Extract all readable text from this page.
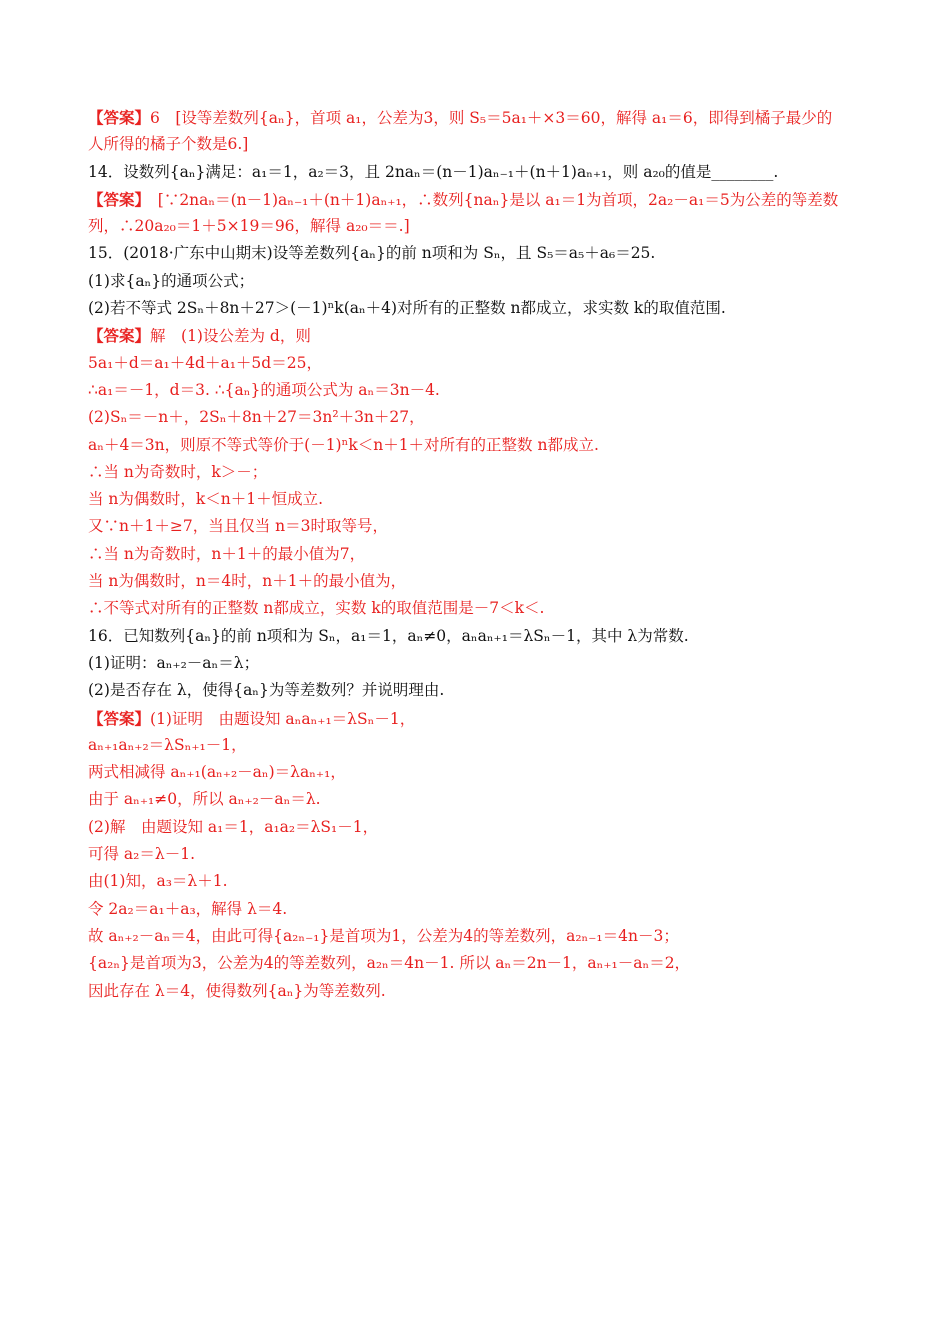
【答案】6　[设等差数列{aₙ}，首项 a₁，公差为3，则 S₅＝5a₁＋×3＝60，解得 a₁＝6，即得到橘子最少的
人所得的橘子个数是6.]
14．设数列{aₙ}满足：a₁＝1，a₂＝3，且 2naₙ＝(n－1)aₙ₋₁＋(n＋1)aₙ₊₁，则 a₂₀的值是________.
【答案】　[∵2naₙ＝(n－1)aₙ₋₁＋(n＋1)aₙ₊₁，∴数列{naₙ}是以 a₁＝1为首项，2a₂－a₁＝5为公差的等差数
列，∴20a₂₀＝1＋5×19＝96，解得 a₂₀＝＝.]
15．(2018·广东中山期末)设等差数列{aₙ}的前 n项和为 Sₙ，且 S₅＝a₅＋a₆＝25.
(1)求{aₙ}的通项公式；
(2)若不等式 2Sₙ＋8n＋27＞(－1)ⁿk(aₙ＋4)对所有的正整数 n都成立，求实数 k的取值范围.
【答案】解　(1)设公差为 d，则
5a₁＋d＝a₁＋4d＋a₁＋5d＝25，
∴a₁＝－1，d＝3. ∴{aₙ}的通项公式为 aₙ＝3n－4.
(2)Sₙ＝－n＋，2Sₙ＋8n＋27＝3n²＋3n＋27，
aₙ＋4＝3n，则原不等式等价于(－1)ⁿk＜n＋1＋对所有的正整数 n都成立.
∴当 n为奇数时，k＞－；
当 n为偶数时，k＜n＋1＋恒成立.
又∵n＋1＋≥7，当且仅当 n＝3时取等号，
∴当 n为奇数时，n＋1＋的最小值为7，
当 n为偶数时，n＝4时，n＋1＋的最小值为，
∴不等式对所有的正整数 n都成立，实数 k的取值范围是－7＜k＜.
16．已知数列{aₙ}的前 n项和为 Sₙ，a₁＝1，aₙ≠0，aₙaₙ₊₁＝λSₙ－1，其中 λ为常数.
(1)证明：aₙ₊₂－aₙ＝λ；
(2)是否存在 λ，使得{aₙ}为等差数列？并说明理由.
【答案】(1)证明　由题设知 aₙaₙ₊₁＝λSₙ－1，
aₙ₊₁aₙ₊₂＝λSₙ₊₁－1，
两式相减得 aₙ₊₁(aₙ₊₂－aₙ)＝λaₙ₊₁，
由于 aₙ₊₁≠0，所以 aₙ₊₂－aₙ＝λ.
(2)解　由题设知 a₁＝1，a₁a₂＝λS₁－1，
可得 a₂＝λ－1.
由(1)知，a₃＝λ＋1.
令 2a₂＝a₁＋a₃，解得 λ＝4.
故 aₙ₊₂－aₙ＝4，由此可得{a₂ₙ₋₁}是首项为1，公差为4的等差数列，a₂ₙ₋₁＝4n－3；
{a₂ₙ}是首项为3，公差为4的等差数列，a₂ₙ＝4n－1. 所以 aₙ＝2n－1，aₙ₊₁－aₙ＝2，
因此存在 λ＝4，使得数列{aₙ}为等差数列.
